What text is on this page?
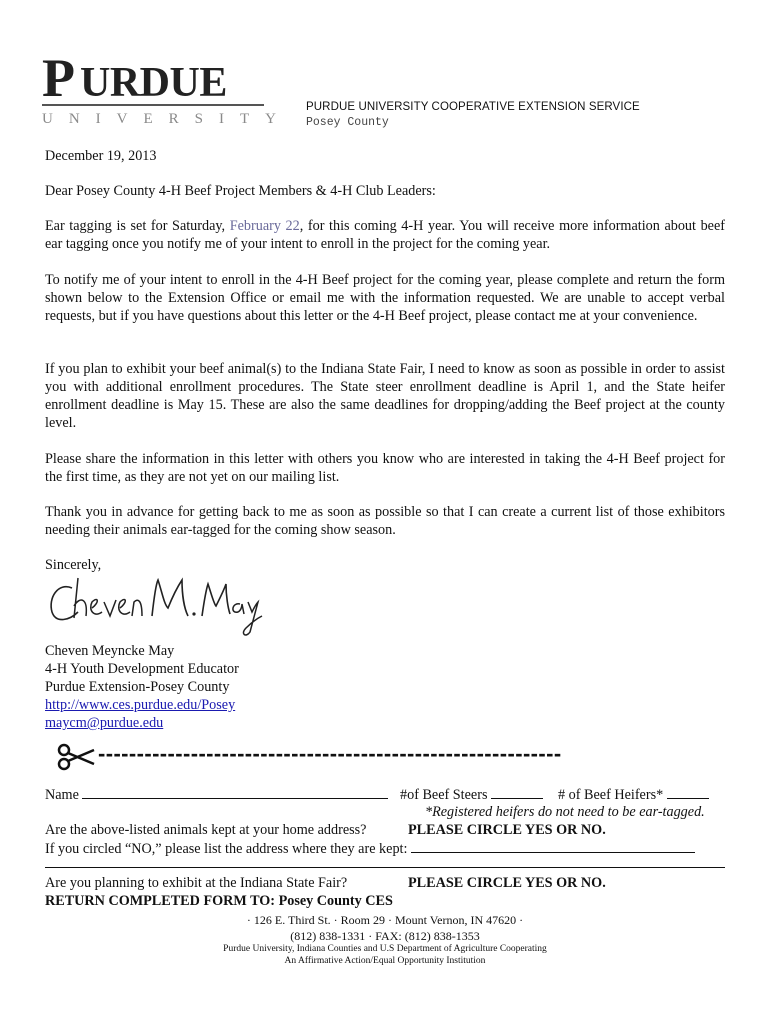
P URDUE
UNIVERSITY
PURDUE UNIVERSITY COOPERATIVE EXTENSION SERVICE
Posey County
December 19, 2013
Dear Posey County 4-H Beef Project Members & 4-H Club Leaders:
Ear tagging is set for Saturday, February 22, for this coming 4-H year. You will receive more information about beef ear tagging once you notify me of your intent to enroll in the project for the coming year.
To notify me of your intent to enroll in the 4-H Beef project for the coming year, please complete and return the form shown below to the Extension Office or email me with the information requested. We are unable to accept verbal requests, but if you have questions about this letter or the 4-H Beef project, please contact me at your convenience.
If you plan to exhibit your beef animal(s) to the Indiana State Fair, I need to know as soon as possible in order to assist you with additional enrollment procedures. The State steer enrollment deadline is April 1, and the State heifer enrollment deadline is May 15. These are also the same deadlines for dropping/adding the Beef project at the county level.
Please share the information in this letter with others you know who are interested in taking the 4-H Beef project for the first time, as they are not yet on our mailing list.
Thank you in advance for getting back to me as soon as possible so that I can create a current list of those exhibitors needing their animals ear-tagged for the coming show season.
Sincerely,
Cheven Meyncke May
4-H Youth Development Educator
Purdue Extension-Posey County
http://www.ces.purdue.edu/Posey
maycm@purdue.edu
------------------------------------------------------------
Name	#of Beef Steers	# of Beef Heifers*
*Registered heifers do not need to be ear-tagged.
Are the above-listed animals kept at your home address?	PLEASE CIRCLE YES OR NO.
If you circled “NO,” please list the address where they are kept:
Are you planning to exhibit at the Indiana State Fair?	PLEASE CIRCLE YES OR NO.
RETURN COMPLETED FORM TO: Posey County CES
· 126 E. Third St. · Room 29 · Mount Vernon, IN 47620 ·
(812) 838-1331 · FAX: (812) 838-1353
Purdue University, Indiana Counties and U.S Department of Agriculture Cooperating
An Affirmative Action/Equal Opportunity Institution
